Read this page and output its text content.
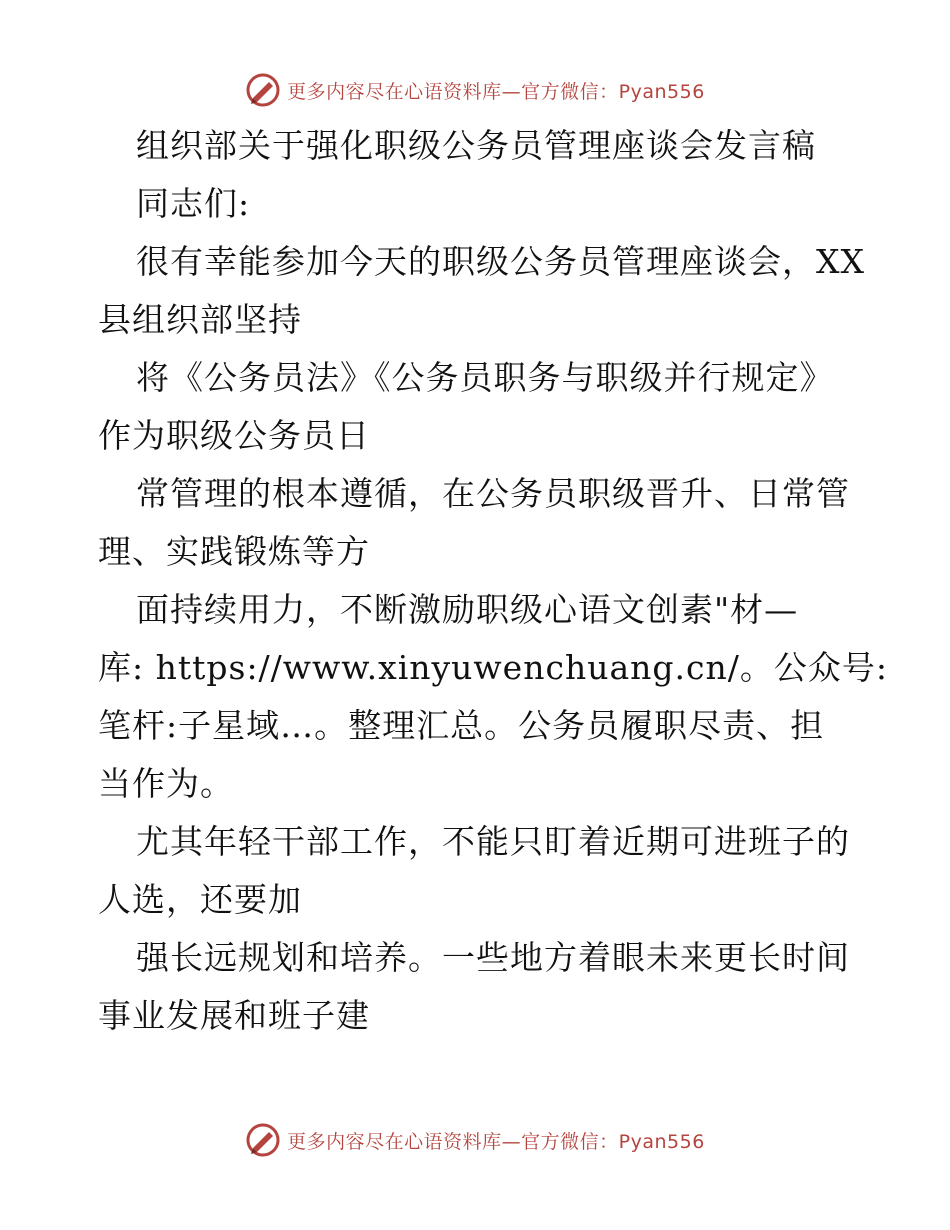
更多内容尽在心语资料库—官方微信：Pyan556
组织部关于强化职级公务员管理座谈会发言稿
同志们:
很有幸能参加今天的职级公务员管理座谈会，XX
县组织部坚持
将《公务员法》《公务员职务与职级并行规定》
作为职级公务员日
常管理的根本遵循，在公务员职级晋升、日常管
理、实践锻炼等方
面持续用力，不断激励职级心语文创素"材—
库: https://www.xinyuwenchuang.cn/。公众号:
笔杆:子星域…。整理汇总。公务员履职尽责、担
当作为。
尤其年轻干部工作，不能只盯着近期可进班子的
人选，还要加
强长远规划和培养。一些地方着眼未来更长时间
事业发展和班子建
更多内容尽在心语资料库—官方微信：Pyan556
